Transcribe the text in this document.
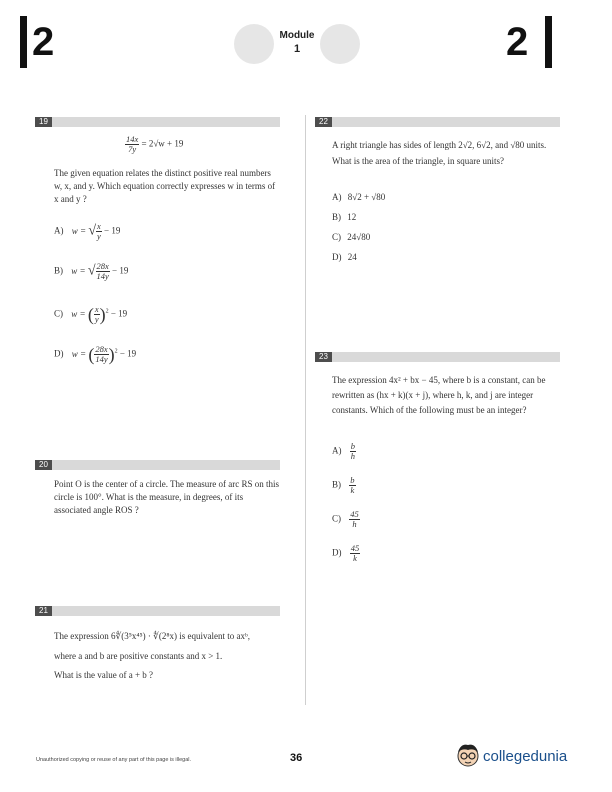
2	Module
1	2
19
$\frac{14x}{7y} = 2√w + 19$
The given equation relates the distinct positive real numbers w, x, and y. Which equation correctly expresses w in terms of x and y ?
A) w = √ $\frac{x}{y} - 19$
B) w = √ $\frac{28x}{14y} - 19$
C) w = ( $\frac{x}{y} )^2 - 19$
D) w = ( $\frac{28x}{14y} )^2 - 19$
20
Point O is the center of a circle. The measure of arc RS on this circle is 100°. What is the measure, in degrees, of its associated angle ROS ?
21
The expression 6∜(3⁵x⁴⁵) · ∜(2⁸x) is equivalent to axᵇ,
where a and b are positive constants and x > 1.
What is the value of a + b ?
22
A right triangle has sides of length 2√2, 6√2, and √80 units. What is the area of the triangle, in square units?
A) 8√2 + √80
B) 12
C) 24√80
D) 24
23
The expression 4x² + bx − 45, where b is a constant, can be rewritten as (hx + k)(x + j), where h, k, and j are integer constants. Which of the following must be an integer?
$A) \frac{b}{h}$
$B) \frac{b}{k}$
$C) \frac{45}{h}$
$D) \frac{45}{k}$
Unauthorized copying or reuse of any part of this page is illegal.	36	collegedunia
